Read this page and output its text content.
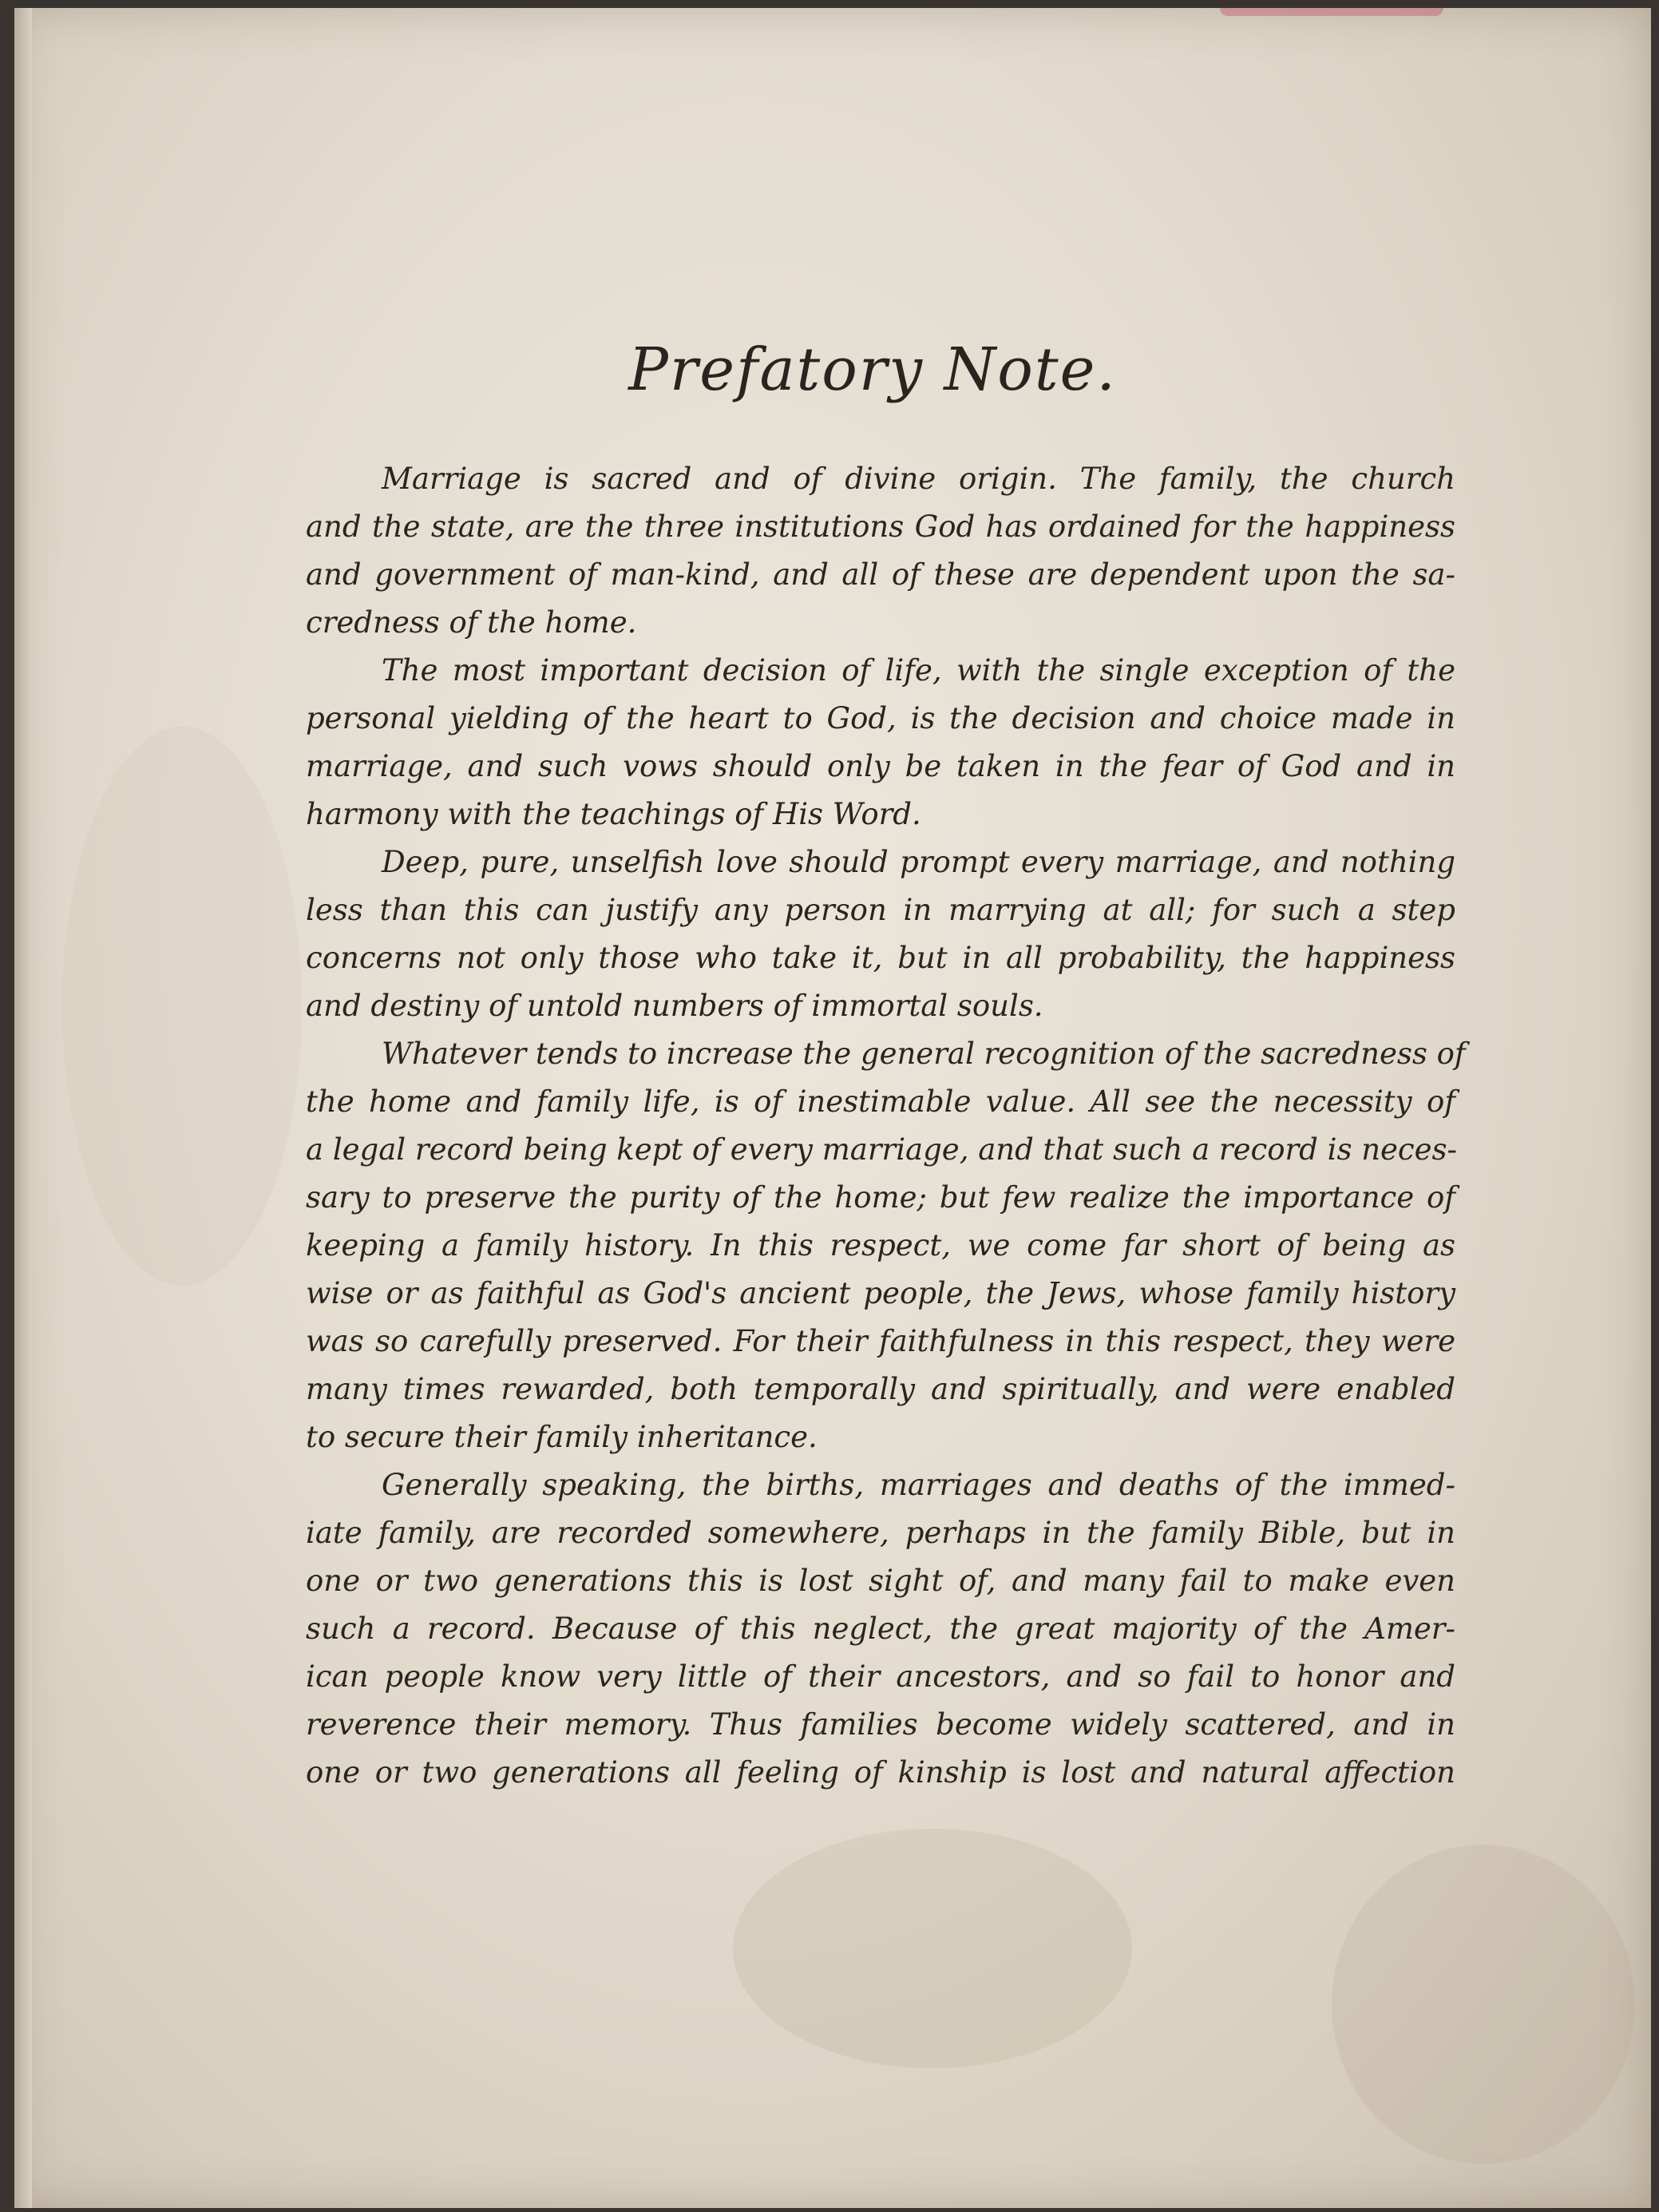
Prefatory Note.
Marriage is sacred and of divine origin. The family, the church
and the state, are the three institutions God has ordained for the happiness
and government of man-kind, and all of these are dependent upon the sa-
credness of the home.
The most important decision of life, with the single exception of the
personal yielding of the heart to God, is the decision and choice made in
marriage, and such vows should only be taken in the fear of God and in
harmony with the teachings of His Word.
Deep, pure, unselfish love should prompt every marriage, and nothing
less than this can justify any person in marrying at all; for such a step
concerns not only those who take it, but in all probability, the happiness
and destiny of untold numbers of immortal souls.
Whatever tends to increase the general recognition of the sacredness of
the home and family life, is of inestimable value. All see the necessity of
a legal record being kept of every marriage, and that such a record is neces-
sary to preserve the purity of the home; but few realize the importance of
keeping a family history. In this respect, we come far short of being as
wise or as faithful as God's ancient people, the Jews, whose family history
was so carefully preserved. For their faithfulness in this respect, they were
many times rewarded, both temporally and spiritually, and were enabled
to secure their family inheritance.
Generally speaking, the births, marriages and deaths of the immed-
iate family, are recorded somewhere, perhaps in the family Bible, but in
one or two generations this is lost sight of, and many fail to make even
such a record. Because of this neglect, the great majority of the Amer-
ican people know very little of their ancestors, and so fail to honor and
reverence their memory. Thus families become widely scattered, and in
one or two generations all feeling of kinship is lost and natural affection
